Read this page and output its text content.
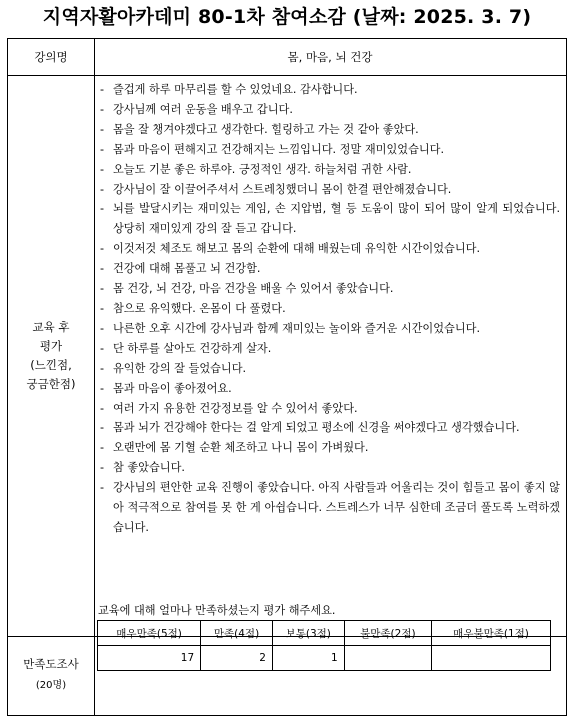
지역자활아카데미 80-1차 참여소감 (날짜: 2025. 3. 7)
강의명	몸, 마음, 뇌 건강
교육 후
평가
(느낀점,
궁금한점)
- 즐겁게 하루 마무리를 할 수 있었네요. 감사합니다.
- 강사님께 여러 운동을 배우고 갑니다.
- 몸을 잘 챙겨야겠다고 생각한다. 힐링하고 가는 것 같아 좋았다.
- 몸과 마음이 편해지고 건강해지는 느낌입니다. 정말 재미있었습니다.
- 오늘도 기분 좋은 하루야. 긍정적인 생각. 하늘처럼 귀한 사람.
- 강사님이 잘 이끌어주셔서 스트레칭했더니 몸이 한결 편안해졌습니다.
- 뇌를 발달시키는 재미있는 게임, 손 지압법, 혈 등 도움이 많이 되어 많이 알게 되었습니다. 상당히 재미있게 강의 잘 듣고 갑니다.
- 이것저것 체조도 해보고 몸의 순환에 대해 배웠는데 유익한 시간이었습니다.
- 건강에 대해 몸풀고 뇌 건강함.
- 몸 건강, 뇌 건강, 마음 건강을 배울 수 있어서 좋았습니다.
- 참으로 유익했다. 온몸이 다 풀렸다.
- 나른한 오후 시간에 강사님과 함께 재미있는 놀이와 즐거운 시간이었습니다.
- 단 하루를 살아도 건강하게 살자.
- 유익한 강의 잘 들었습니다.
- 몸과 마음이 좋아졌어요.
- 여러 가지 유용한 건강정보를 알 수 있어서 좋았다.
- 몸과 뇌가 건강해야 한다는 걸 알게 되었고 평소에 신경을 써야겠다고 생각했습니다.
- 오랜만에 몸 기혈 순환 체조하고 나니 몸이 가벼웠다.
- 참 좋았습니다.
- 강사님의 편안한 교육 진행이 좋았습니다. 아직 사람들과 어울리는 것이 힘들고 몸이 좋지 않아 적극적으로 참여를 못 한 게 아쉽습니다. 스트레스가 너무 심한데 조금더 풀도록 노력하겠습니다.
만족도조사
(20명)
교육에 대해 얼마나 만족하셨는지 평가 해주세요.
매우만족(5점)	만족(4점)	보통(3점)	불만족(2점)	매우불만족(1점)
17	2	1		
